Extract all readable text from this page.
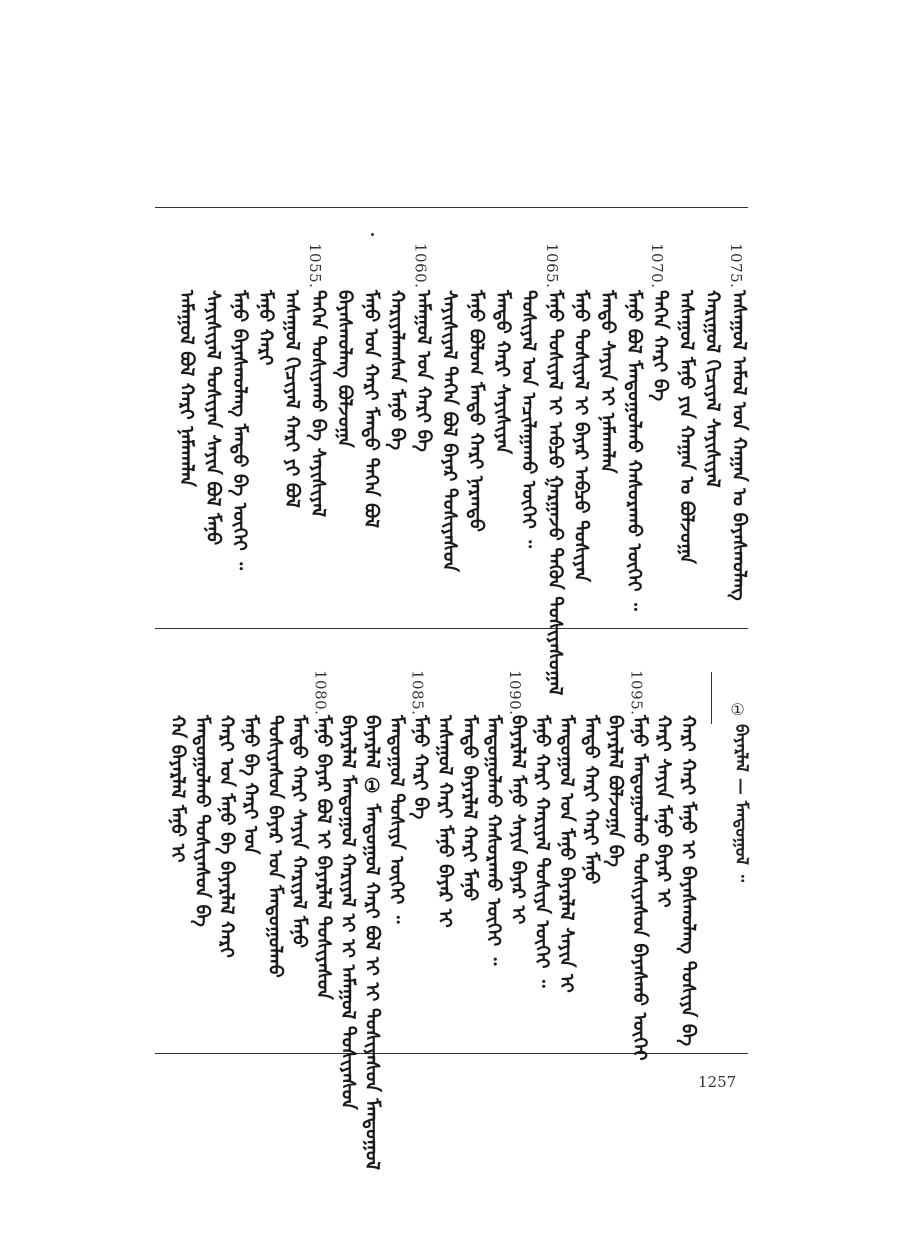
ᠠᠰᠠᠭᠤᠯ ᠠᠮᠤᠯ ᠤᠨ ᠬᠠᠭᠠᠨ ᠤ ᠪᠠᠶᠠᠰᠬᠤᠯᠠᠩ
ᠬᠠᠷᠢᠭᠤᠯ ᠬᠢᠴᠢᠶᠡᠯ ᠰᠠᠶᠢᠰᠢᠶᠠᠯ
ᠠᠰᠠᠭᠤᠯ ᠮᠠᠨᠤ ᠶᠢᠨ ᠬᠠᠭᠠᠨ ᠤ ᠪᠣᠯᠵᠣᠭᠠ
ᠲᠡᠭᠡᠨ ᠬᠠᠷᠢ ᠪᠡ
ᠮᠠᠨᠤ ᠪᠣᠯ ᠮᠠᠨᠳᠤᠭᠤᠯᠬᠤ ᠬᠠᠰᠤᠷᠠᠬᠤ ᠦᠭᠡᠢ ᠃
ᠮᠠᠨᠳᠤ ᠰᠠᠶᠢᠨ ᠢ ᠨᠠᠮᠠᠬᠠᠯᠠᠨ
ᠮᠠᠨᠤ ᠲᠤᠰᠢᠶᠠᠯ ᠢ ᠪᠠᠶᠠᠷ ᠠᠪᠴᠤ ᠲᠤᠰᠢᠶᠠᠨ
ᠮᠠᠨᠤ ᠲᠤᠰᠢᠶᠠᠯ ᠢ ᠠᠪᠴᠤ ᠭᠠᠷᠭᠠᠵᠤ ᠲᠡᠭᠦᠨ ᠲᠤᠰᠢᠶᠠᠰᠤᠭᠠᠯ
ᠲᠤᠰᠢᠶᠠᠯ ᠤᠨ ᠠᠴᠢᠯᠠᠭᠠᠬᠤ ᠦᠭᠡᠢ ᠃
ᠮᠠᠨᠳᠤ ᠬᠠᠷᠢ ᠰᠠᠶᠢᠰᠢᠶᠠᠨ
ᠮᠠᠨᠤ ᠪᠤᠯᠤᠭ ᠮᠠᠨᠳᠤ ᠬᠠᠷᠢ ᠨᠠᠷᠠᠨᠳᠤ
ᠰᠠᠶᠢᠰᠢᠶᠠᠯ ᠲᠡᠭᠡᠨ ᠪᠣᠯ ᠪᠠᠶᠠᠷ ᠲᠤᠰᠢᠶᠠᠰᠤᠨ
ᠠᠮᠠᠭᠤᠯ ᠤᠨ ᠬᠠᠷᠢ ᠪᠡ
ᠬᠠᠷᠢᠶᠠᠯᠠᠭᠰᠠᠨ ᠮᠠᠨᠤ ᠪᠡ
ᠮᠠᠨᠤ ᠤᠨ ᠬᠠᠷᠢ ᠮᠠᠨᠳᠤ ᠲᠡᠭᠡᠨ ᠪᠣᠯ
ᠪᠠᠶᠠᠰᠬᠤᠯᠠᠩ ᠪᠣᠯᠵᠣᠭᠠ
ᠲᠡᠭᠡᠨ ᠲᠤᠰᠢᠶᠠᠬᠤ ᠪᠡ ᠰᠠᠶᠢᠰᠢᠶᠠᠯ
ᠠᠰᠠᠭᠤᠯ ᠬᠢᠴᠢᠶᠡᠯ ᠬᠠᠷᠢ ᠶᠢ ᠪᠣᠯ
ᠮᠠᠨᠤ ᠬᠠᠷᠢ
ᠮᠠᠨᠤ ᠪᠠᠶᠠᠰᠬᠤᠯᠠᠩ ᠮᠠᠨᠳᠤ ᠪᠡ ᠦᠭᠡᠢ ᠃
ᠰᠠᠶᠢᠰᠢᠶᠠᠯ ᠲᠤᠰᠢᠶᠠᠨ ᠰᠠᠶᠢᠨ ᠪᠣᠯ ᠮᠠᠨᠤ
ᠠᠮᠠᠭᠤᠯ ᠪᠣᠯ ᠬᠠᠷᠢ ᠨᠠᠮᠠᠬᠠᠯᠠᠨ
1075.
1070.
1065.
1060.
1055.
ᠬᠠᠷᠢ ᠬᠠᠷᠢ ᠮᠠᠨᠤ ᠢ ᠪᠠᠶᠠᠰᠬᠤᠯᠠᠩ ᠲᠤᠰᠢᠶᠠ ᠪᠡ
ᠬᠠᠷᠢ ᠰᠠᠶᠢᠨ ᠮᠠᠨᠤ ᠪᠠᠶᠠᠷ ᠢ
ᠮᠠᠨᠤ ᠮᠠᠨᠳᠤᠭᠤᠯᠬᠤ ᠲᠤᠰᠢᠶᠠᠰᠤᠨ ᠪᠠᠶᠠᠰᠬᠤ ᠦᠭᠡᠢ
ᠪᠠᠶᠠᠷᠯᠠᠯ ᠪᠣᠯᠵᠣᠭᠠ ᠪᠡ
ᠮᠠᠨᠳᠤ ᠬᠠᠷᠢ ᠬᠠᠷᠢ ᠮᠠᠨᠤ
ᠮᠠᠨᠳᠤᠭᠤᠯ ᠤᠨ ᠮᠠᠨᠤ ᠪᠠᠶᠠᠷᠯᠠᠯ ᠰᠠᠶᠢᠨ ᠢ
ᠮᠠᠨᠤ ᠬᠠᠷᠢ ᠬᠠᠷᠢᠶᠠᠯ ᠲᠤᠰᠢᠶᠠ ᠦᠭᠡᠢ ᠃
ᠪᠠᠶᠠᠷᠯᠠᠯ ᠮᠠᠨᠤ ᠰᠠᠶᠢᠨ ᠪᠠᠶᠠᠷ ᠢ
ᠮᠠᠨᠳᠤᠭᠤᠯᠬᠤ ᠬᠠᠰᠤᠷᠠᠬᠤ ᠦᠭᠡᠢ ᠃
ᠮᠠᠨᠳᠤ ᠪᠠᠶᠠᠷᠯᠠᠯ ᠬᠠᠷᠢ ᠮᠠᠨᠤ
ᠠᠰᠠᠭᠤᠯ ᠬᠠᠷᠢ ᠮᠠᠨᠤ ᠪᠠᠶᠠᠷ ᠢ
ᠮᠠᠨᠤ ᠬᠠᠷᠢ ᠪᠡ
ᠮᠠᠨᠳᠤᠭᠤᠯ ᠲᠤᠰᠢᠶᠠ ᠦᠭᠡᠢ ᠃
ᠪᠠᠶᠠᠷᠯᠠᠯ ① ᠮᠠᠨᠳᠤᠭᠤᠯ ᠬᠠᠷᠢ ᠪᠣᠯ ᠢ ᠢ ᠲᠤᠰᠢᠶᠠᠰᠤᠨ ᠮᠠᠨᠳᠤᠭᠤᠯ
ᠪᠠᠶᠠᠷᠯᠠᠯ ᠮᠠᠨᠳᠤᠭᠤᠯ ᠬᠠᠷᠢᠶᠠᠯ ᠢ ᠢ ᠠᠮᠠᠭᠤᠯ ᠲᠤᠰᠢᠶᠠᠰᠤᠨ
ᠮᠠᠨᠤ ᠪᠠᠶᠠᠷ ᠪᠣᠯ ᠢ ᠪᠠᠶᠠᠷᠯᠠᠯ ᠲᠤᠰᠢᠶᠠᠰᠤᠨ
ᠮᠠᠨᠳᠤ ᠬᠠᠷᠢ ᠰᠠᠶᠢᠨ ᠬᠠᠷᠢᠶᠠᠯ ᠮᠠᠨᠤ
ᠲᠤᠰᠢᠶᠠᠰᠤᠨ ᠪᠠᠶᠠᠷ ᠤᠨ ᠮᠠᠨᠳᠤᠭᠤᠯᠬᠤ
ᠮᠠᠨᠤ ᠪᠡ ᠬᠠᠷᠢ ᠤᠨ
ᠬᠠᠷᠢ ᠤᠨ ᠮᠠᠨᠤ ᠪᠡ ᠪᠠᠶᠠᠷᠯᠠᠯ ᠬᠠᠷᠢ
ᠮᠠᠨᠳᠤᠭᠤᠯᠬᠤ ᠲᠤᠰᠢᠶᠠᠰᠤᠨ ᠪᠡ
ᠬᠠ ᠪᠠᠶᠠᠷᠯᠠᠯ ᠮᠠᠨᠤ ᠢ
1095.
1090.
1085.
1080.	①
ᠪᠠᠶᠠᠷᠯᠠᠯ — ᠮᠠᠨᠳᠤᠭᠤᠯ ᠃
1257
